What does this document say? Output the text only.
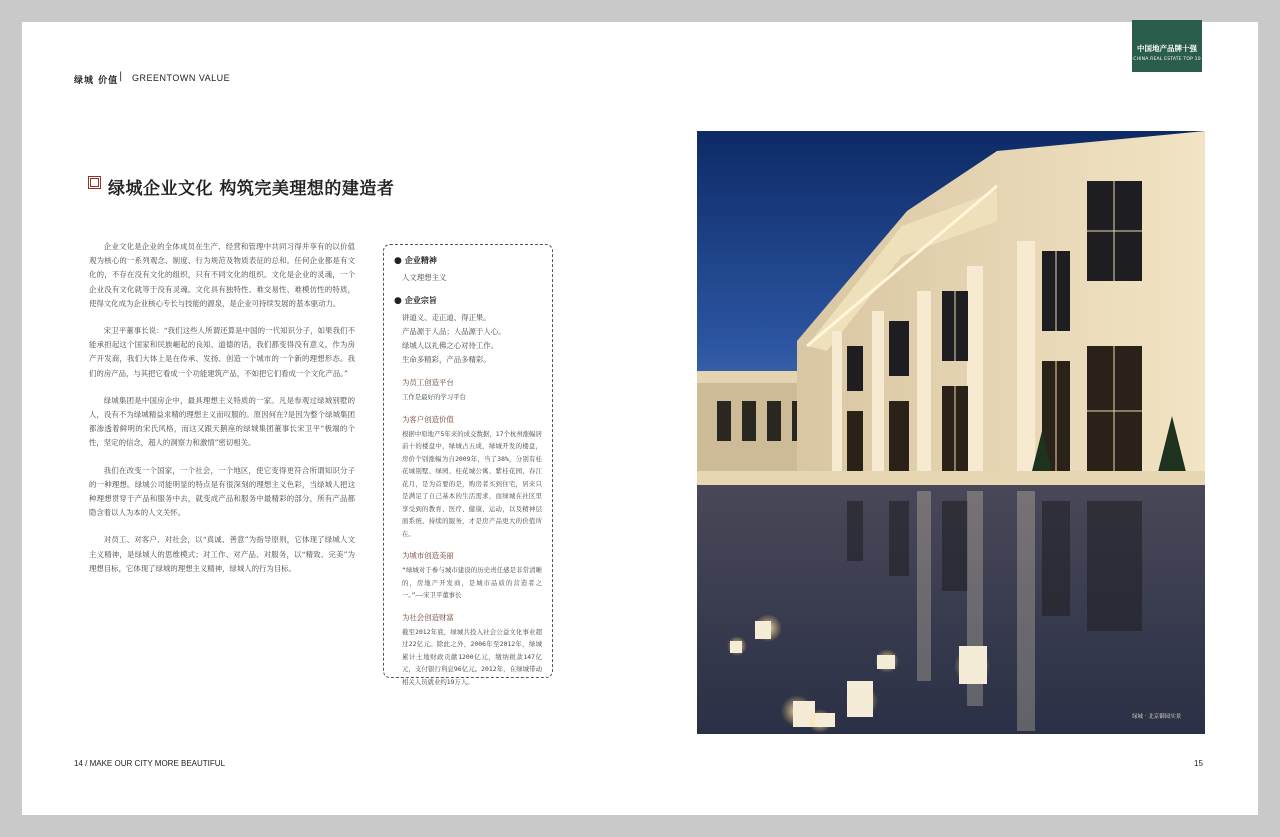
绿城 价值 | GREENTOWN VALUE
中国地产品牌十强
CHINA REAL ESTATE TOP 10
绿城企业文化 构筑完美理想的建造者

企业文化是企业的全体成员在生产、经营和管理中共同习得并享有的以价值观为核心的一系列观念、制度、行为规范及物质表征的总和。任何企业都是有文化的，不存在没有文化的组织，只有不同文化的组织。文化是企业的灵魂，一个企业没有文化就等于没有灵魂。文化具有独特性、难交易性、难模仿性的特质，使得文化成为企业核心专长与技能的源泉，是企业可持续发展的基本驱动力。

宋卫平董事长说：“我们这些人所谓还算是中国的一代知识分子，如果我们不能承担起这个国家和民族崛起的良知、道德的话，我们都变得没有意义。作为房产开发商，我们大体上是在传承、发扬、创造一个城市的一个新的理想形态。我们的房产品，与其把它看成一个功能建筑产品，不如把它们看成一个文化产品。”

绿城集团是中国房企中，最具理想主义特质的一家。凡是参观过绿城别墅的人，没有不为绿城精益求精的理想主义而叹服的。原因何在?是因为整个绿城集团都渗透着鲜明的宋氏风格，而这又跟天鹅座的绿城集团董事长宋卫平“极端的个性，坚定的信念，超人的洞察力和激情”密切相关。

我们在改变一个国家，一个社会，一个地区，使它变得更符合所谓知识分子的一种理想。绿城公司能明显的特点是有很深刻的理想主义色彩，当绿城人把这种理想贯穿于产品和服务中去，就变成产品和服务中最精彩的部分，所有产品都隐含着以人为本的人文关怀。

对员工、对客户、对社会，以“真诚、善意”为指导原则，它体现了绿城人文主义精神，是绿城人的思维模式；对工作、对产品、对服务，以“精致、完美”为理想目标，它体现了绿城的理想主义精神，绿城人的行为目标。

● 企业精神
人文理想主义
● 企业宗旨
讲道义、走正道、得正果。
产品源于人品；人品源于人心。
绿城人以礼佛之心对待工作。
生命多精彩，产品多精彩。
为员工创造平台
工作是最好的学习平台
为客户创造价值
根据中原地产5年来的成交数据，17个杭州涨幅居前十的楼盘中，绿城占五成，绿城开发的楼盘，房价个别涨幅为自2009年，当了38%，分别有桂花城别墅、绿园、桂花城公寓、紫桂花园、春江花月，是为首要的是，购房者买到住宅，居来只是满足了自己基本的生活需求，而绿城在社区里享受到的教育、医疗、健康、运动，以及精神层面系统、持续的服务，才是房产品更大的价值所在。
为城市创造美丽
“绿城对于参与城市建设的历史责任感是非常清晰的，房地产开发商，是城市品质的营造者之一。”——宋卫平董事长
为社会创造财富
截至2012年底，绿城共投入社会公益文化事业超过22亿元。除此之外，2006年至2012年，绿城累计土地财政贡献1200亿元，缴纳税款147亿元，支付银行利息96亿元。2012年，在绿城带动相关人员就业约19万人。
绿城 · 北京御园实景
14 / MAKE OUR CITY MORE BEAUTIFUL	15
